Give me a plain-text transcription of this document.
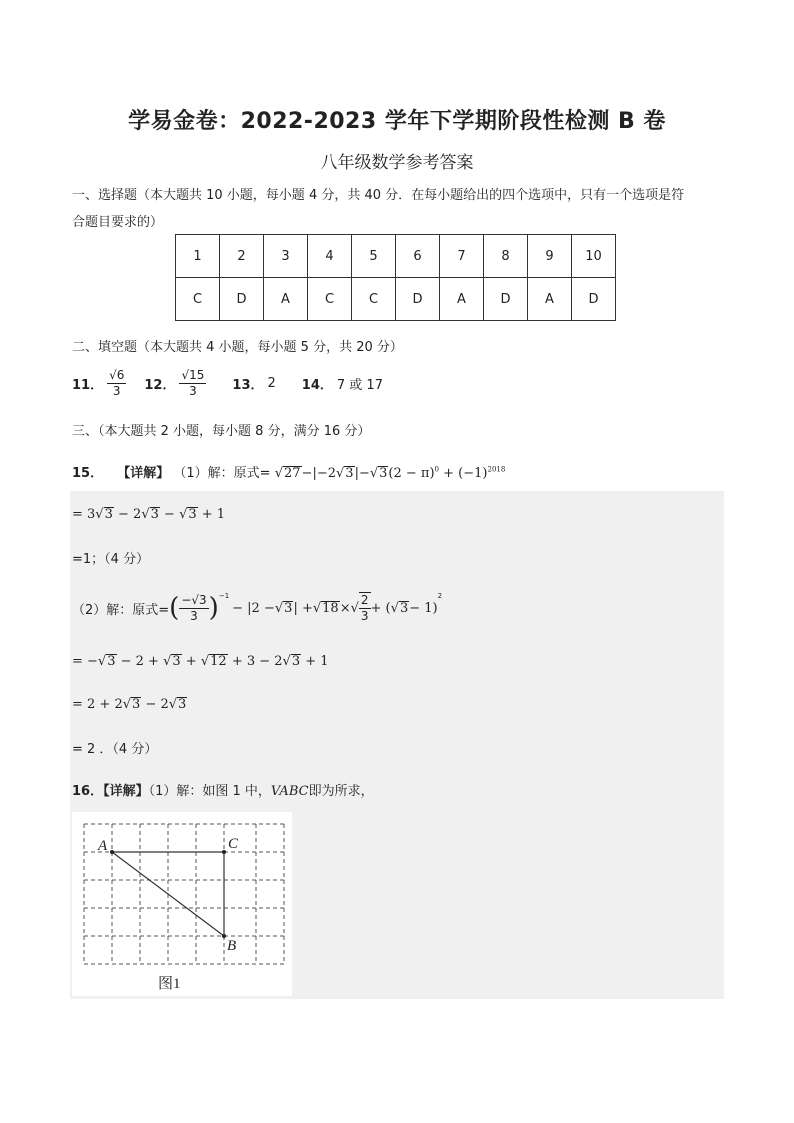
学易金卷：2022-2023 学年下学期阶段性检测 B 卷
八年级数学参考答案
一、选择题（本大题共 10 小题，每小题 4 分，共 40 分．在每小题给出的四个选项中，只有一个选项是符
合题目要求的）
1	2	3	4	5	6	7	8	9	10
C	D	A	C	C	D	A	D	A	D
二、填空题（本大题共 4 小题，每小题 5 分，共 20 分）
11． $\frac{√6}{3} 12$． $\frac{√15}{3} 13$． 2 14． 7 或 17
三、（本大题共 2 小题，每小题 8 分，满分 16 分）
15． 【详解】 （1）解：原式= $√27-|-2√3|-√3(2 - \pi)^0 + (-1)^{2018}$
= 3√3 − 2√3 − √3 + 1
=1；（4 分）
（2）解：原式= ( $\frac{-√3}{3} )^{-1}$
− |2 − √3 | + √18 × √ $\frac{2}{3}$ + ( √3 − 1)
2
= −√3 − 2 + √3 + √12 + 3 − 2√3 + 1
= 2 + 2√3 − 2√3
= 2 ．（4 分）
16．【详解】（1）解：如图 1 中，VABC即为所求，
A
B
C
图1
